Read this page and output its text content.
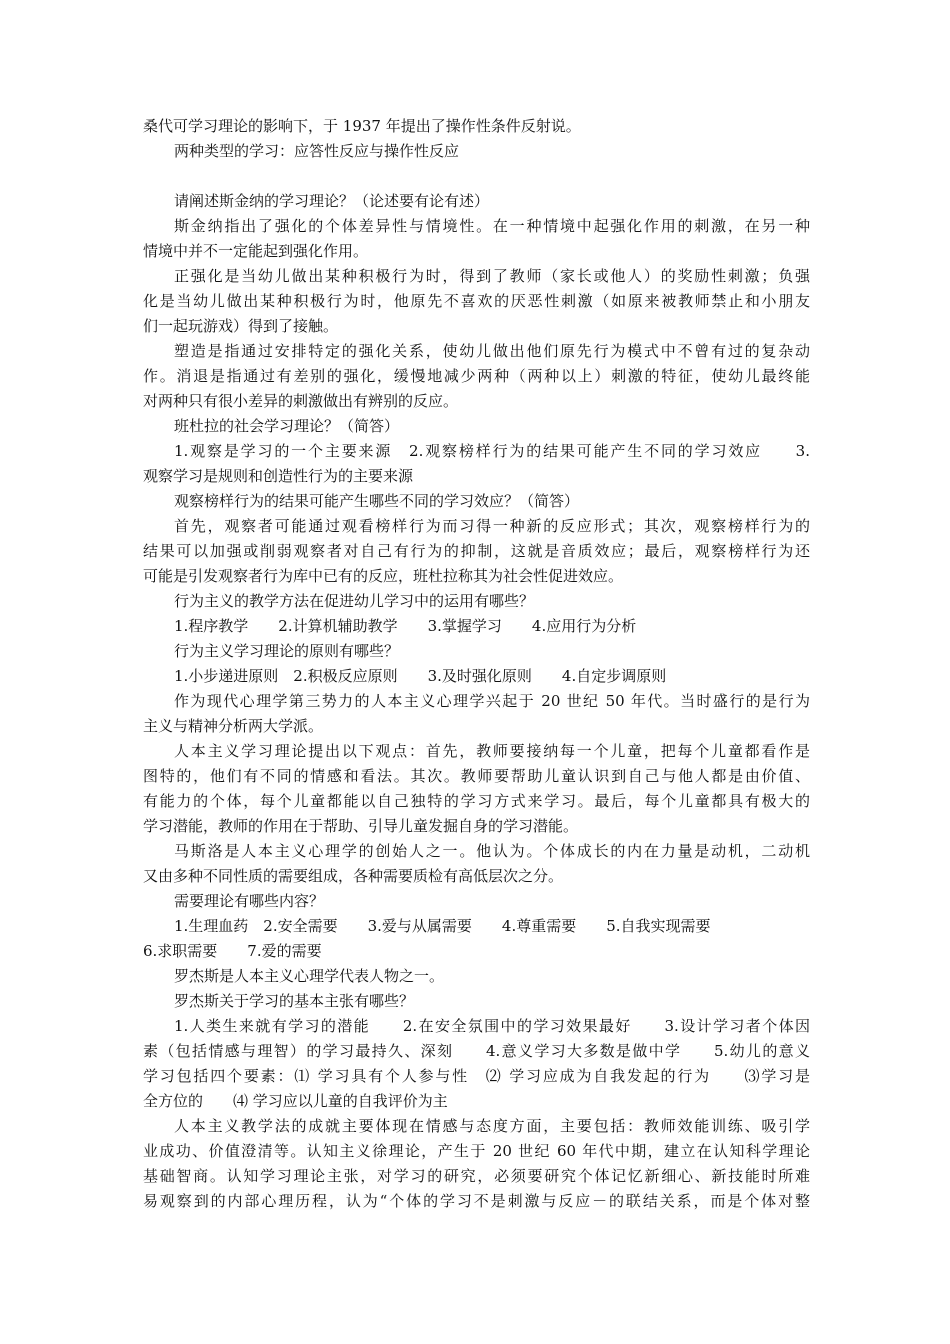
桑代可学习理论的影响下，于 1937 年提出了操作性条件反射说。
两种类型的学习：应答性反应与操作性反应
请阐述斯金纳的学习理论？（论述要有论有述）
斯金纳指出了强化的个体差异性与情境性。在一种情境中起强化作用的刺激，在另一种
情境中并不一定能起到强化作用。
正强化是当幼儿做出某种积极行为时，得到了教师（家长或他人）的奖励性刺激；负强
化是当幼儿做出某种积极行为时，他原先不喜欢的厌恶性刺激（如原来被教师禁止和小朋友
们一起玩游戏）得到了接触。
塑造是指通过安排特定的强化关系，使幼儿做出他们原先行为模式中不曾有过的复杂动
作。消退是指通过有差别的强化，缓慢地减少两种（两种以上）刺激的特征，使幼儿最终能
对两种只有很小差异的刺激做出有辨别的反应。
班杜拉的社会学习理论？（简答）
1.观察是学习的一个主要来源　2.观察榜样行为的结果可能产生不同的学习效应　　3.
观察学习是规则和创造性行为的主要来源
观察榜样行为的结果可能产生哪些不同的学习效应？（简答）
首先，观察者可能通过观看榜样行为而习得一种新的反应形式；其次，观察榜样行为的
结果可以加强或削弱观察者对自己有行为的抑制，这就是音质效应；最后，观察榜样行为还
可能是引发观察者行为库中已有的反应，班杜拉称其为社会性促进效应。
行为主义的教学方法在促进幼儿学习中的运用有哪些？
1.程序教学　　2.计算机辅助教学　　3.掌握学习　　4.应用行为分析
行为主义学习理论的原则有哪些？
1.小步递进原则　2.积极反应原则　　3.及时强化原则　　4.自定步调原则
作为现代心理学第三势力的人本主义心理学兴起于 20 世纪 50 年代。当时盛行的是行为
主义与精神分析两大学派。
人本主义学习理论提出以下观点：首先，教师要接纳每一个儿童，把每个儿童都看作是
图特的，他们有不同的情感和看法。其次。教师要帮助儿童认识到自己与他人都是由价值、
有能力的个体，每个儿童都能以自己独特的学习方式来学习。最后，每个儿童都具有极大的
学习潜能，教师的作用在于帮助、引导儿童发掘自身的学习潜能。
马斯洛是人本主义心理学的创始人之一。他认为。个体成长的内在力量是动机，二动机
又由多种不同性质的需要组成，各种需要质检有高低层次之分。
需要理论有哪些内容？
1.生理血药　2.安全需要　　3.爱与从属需要　　4.尊重需要　　5.自我实现需要
6.求职需要　　7.爱的需要
罗杰斯是人本主义心理学代表人物之一。
罗杰斯关于学习的基本主张有哪些？
1.人类生来就有学习的潜能　　2.在安全氛围中的学习效果最好　　3.设计学习者个体因
素（包括情感与理智）的学习最持久、深刻　　4.意义学习大多数是做中学　　5.幼儿的意义
学习包括四个要素：⑴ 学习具有个人参与性　⑵ 学习应成为自我发起的行为　　⑶学习是
全方位的　　⑷ 学习应以儿童的自我评价为主
人本主义教学法的成就主要体现在情感与态度方面，主要包括：教师效能训练、吸引学
业成功、价值澄清等。认知主义徐理论，产生于 20 世纪 60 年代中期，建立在认知科学理论
基础智商。认知学习理论主张，对学习的研究，必须要研究个体记忆新细心、新技能时所难
易观察到的内部心理历程，认为“个体的学习不是刺激与反应－的联结关系，而是个体对整
